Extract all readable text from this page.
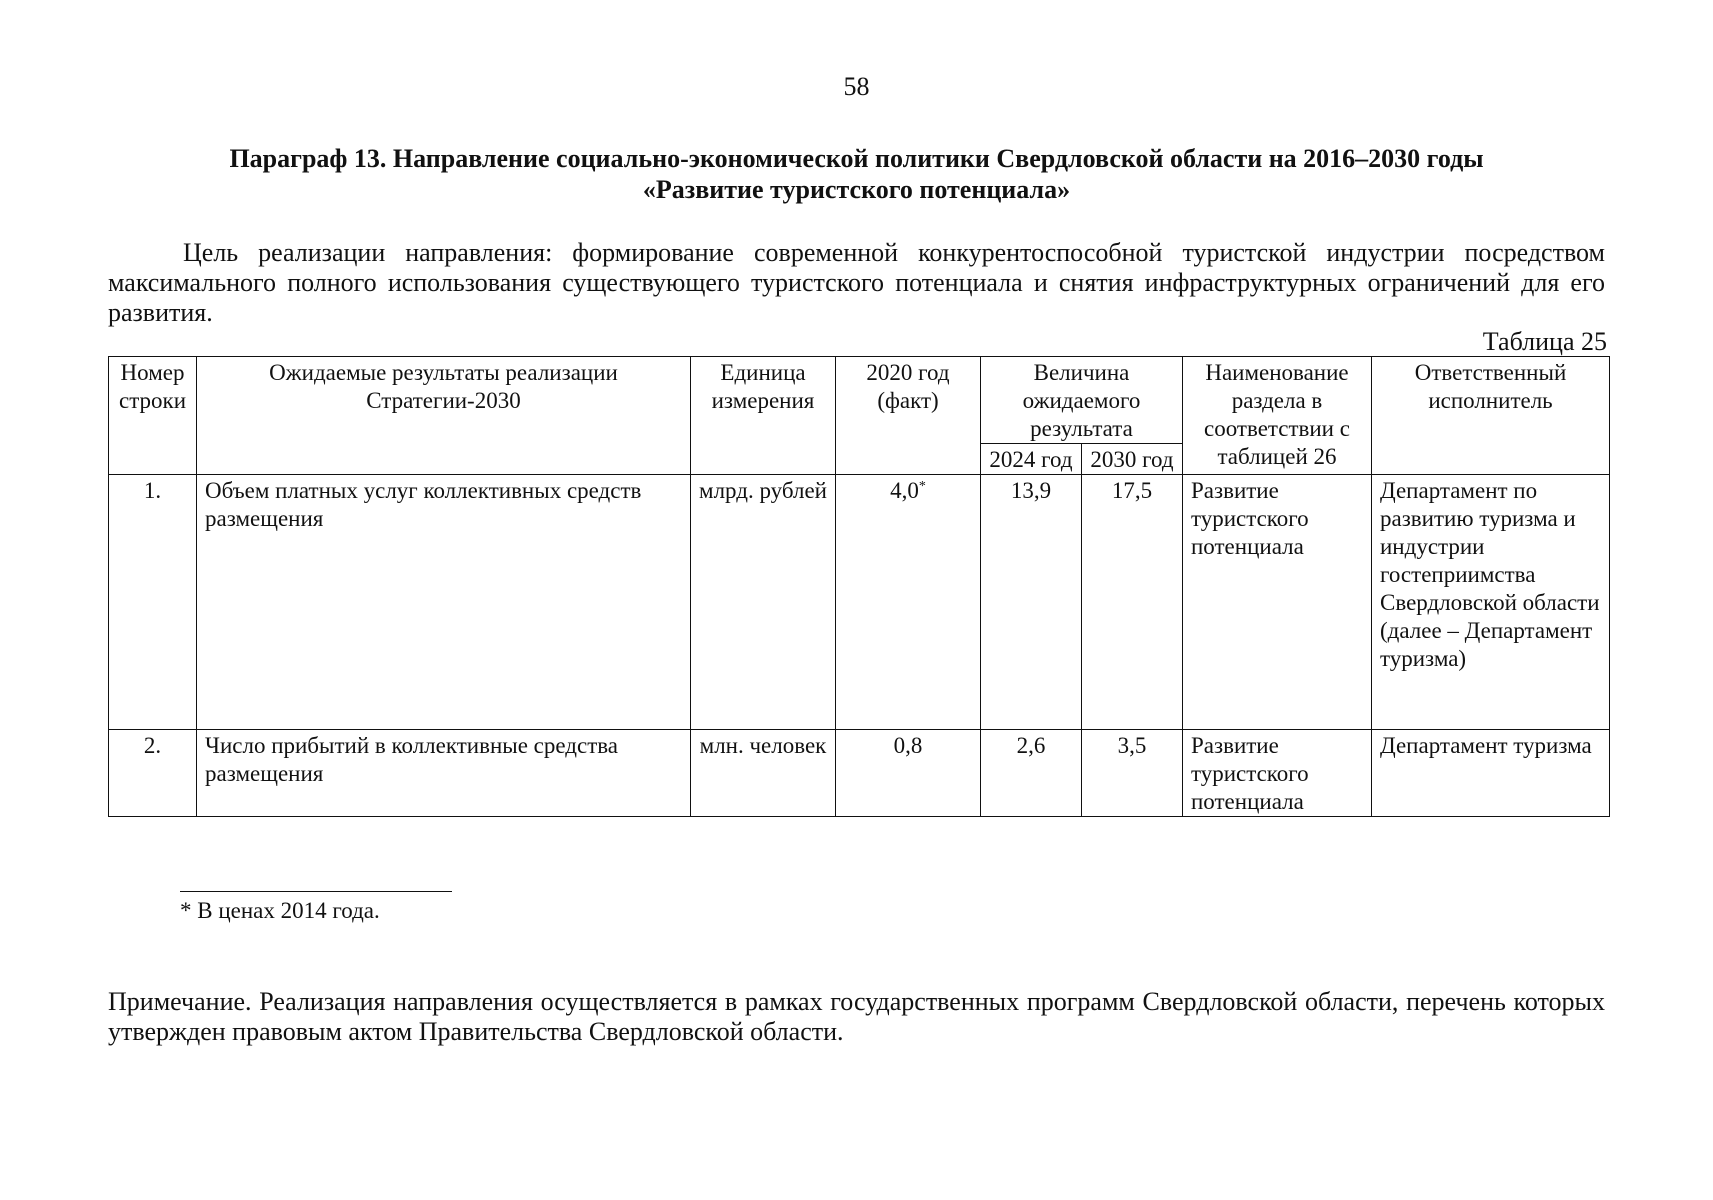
58
Параграф 13. Направление социально-экономической политики Свердловской области на 2016–2030 годы
«Развитие туристского потенциала»
Цель реализации направления: формирование современной конкурентоспособной туристской индустрии посредством максимального полного использования существующего туристского потенциала и снятия инфраструктурных ограничений для его развития.
Таблица 25
Номер строки	Ожидаемые результаты реализации Стратегии-2030	Единица измерения	2020 год (факт)	Величина ожидаемого результата		Наименование раздела в соответствии с таблицей 26	Ответственный исполнитель
				2024 год	2030 год		
1.	Объем платных услуг коллективных средств размещения	млрд. рублей	4,0*	13,9	17,5	Развитие туристского потенциала	Департамент по развитию туризма и индустрии гостеприимства Свердловской области (далее – Департамент туризма)
2.	Число прибытий в коллективные средства размещения	млн. человек	0,8	2,6	3,5	Развитие туристского потенциала	Департамент туризма
* В ценах 2014 года.
Примечание. Реализация направления осуществляется в рамках государственных программ Свердловской области, перечень которых утвержден правовым актом Правительства Свердловской области.
